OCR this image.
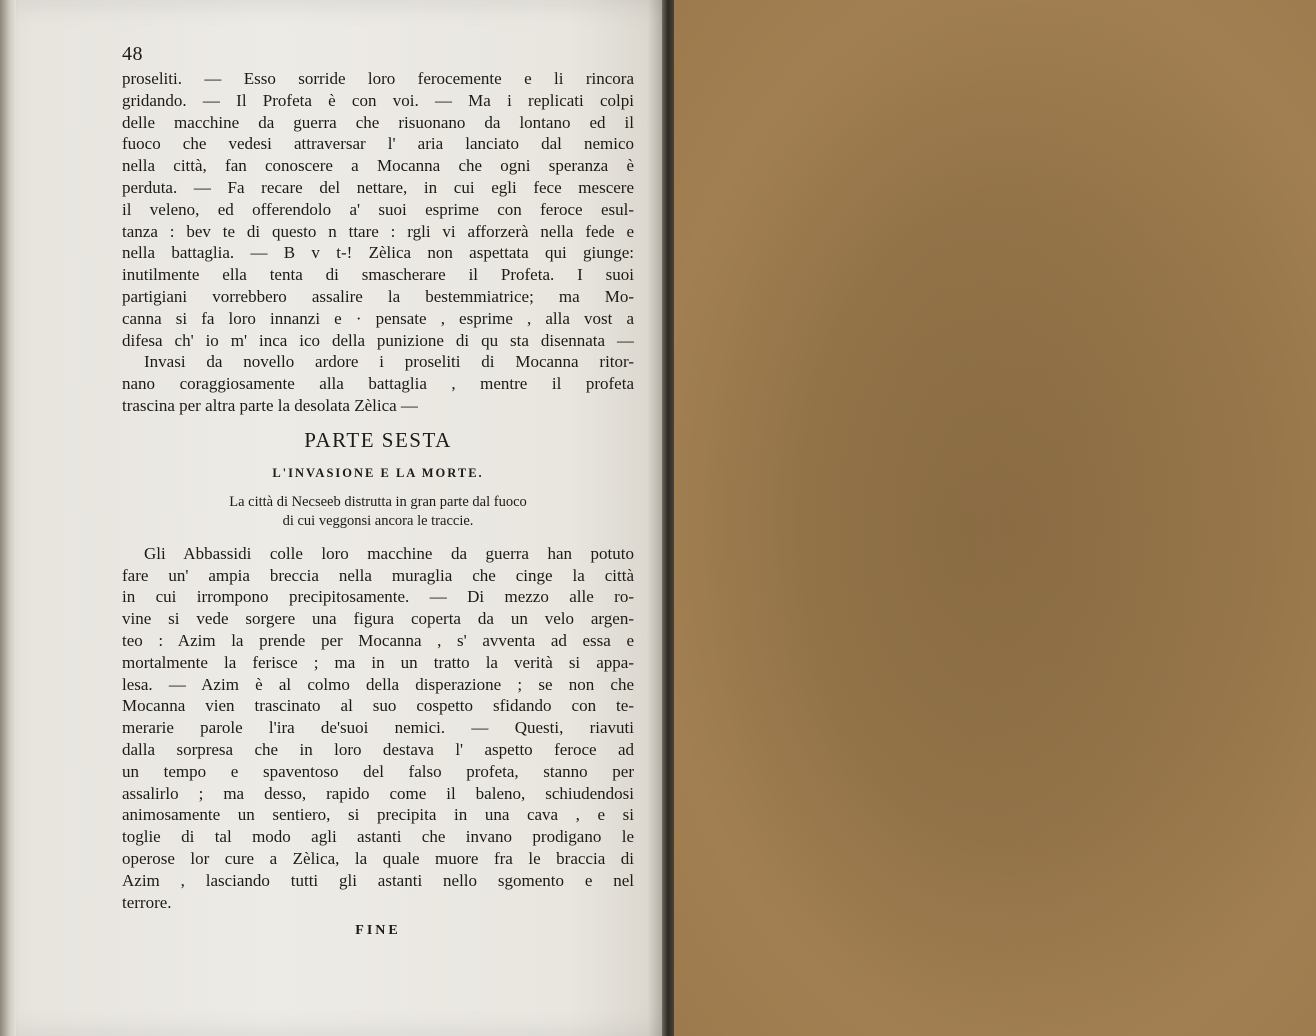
48
proseliti. — Esso sorride loro ferocemente e li rincora
gridando. — Il Profeta è con voi. — Ma i replicati colpi
delle macchine da guerra che risuonano da lontano ed il
fuoco che vedesi attraversar l' aria lanciato dal nemico
nella città, fan conoscere a Mocanna che ogni speranza è
perduta. — Fa recare del nettare, in cui egli fece mescere
il veleno, ed offerendolo a' suoi esprime con feroce esul-
tanza : bev te di questo n ttare : rgli vi afforzerà nella fede e
nella battaglia. — B v t-! Zèlica non aspettata qui giunge:
inutilmente ella tenta di smascherare il Profeta. I suoi
partigiani vorrebbero assalire la bestemmiatrice; ma Mo-
canna si fa loro innanzi e · pensate , esprime , alla vost a
difesa ch' io m' inca ico della punizione di qu sta disennata —
Invasi da novello ardore i proseliti di Mocanna ritor-
nano coraggiosamente alla battaglia , mentre il profeta
trascina per altra parte la desolata Zèlica —
PARTE SESTA
L'INVASIONE E LA MORTE.
La città di Necseeb distrutta in gran parte dal fuoco
di cui veggonsi ancora le traccie.
Gli Abbassidi colle loro macchine da guerra han potuto
fare un' ampia breccia nella muraglia che cinge la città
in cui irrompono precipitosamente. — Di mezzo alle ro-
vine si vede sorgere una figura coperta da un velo argen-
teo : Azim la prende per Mocanna , s' avventa ad essa e
mortalmente la ferisce ; ma in un tratto la verità si appa-
lesa. — Azim è al colmo della disperazione ; se non che
Mocanna vien trascinato al suo cospetto sfidando con te-
merarie parole l'ira de'suoi nemici. — Questi, riavuti
dalla sorpresa che in loro destava l' aspetto feroce ad
un tempo e spaventoso del falso profeta, stanno per
assalirlo ; ma desso, rapido come il baleno, schiudendosi
animosamente un sentiero, si precipita in una cava , e si
toglie di tal modo agli astanti che invano prodigano le
operose lor cure a Zèlica, la quale muore fra le braccia di
Azim , lasciando tutti gli astanti nello sgomento e nel
terrore.
FINE
